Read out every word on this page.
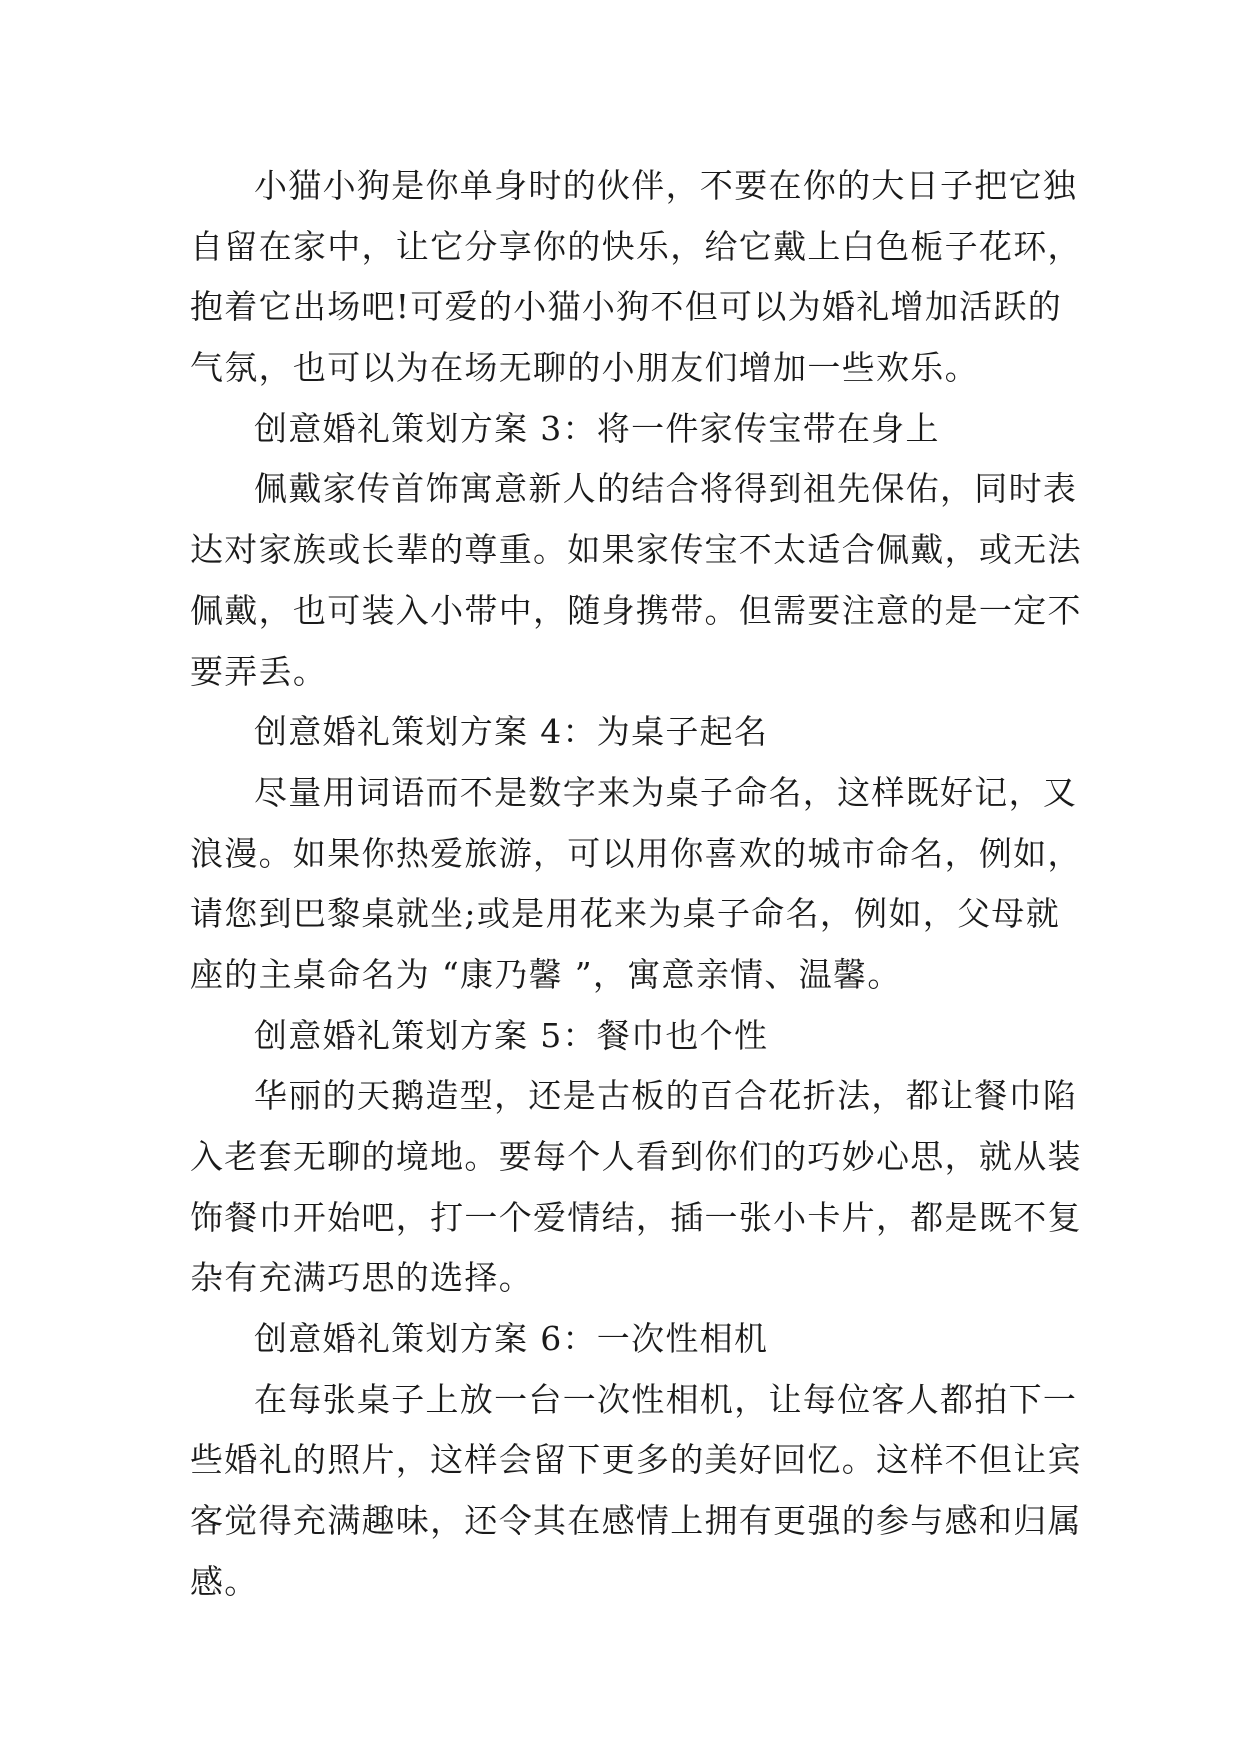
小猫小狗是你单身时的伙伴，不要在你的大日子把它独
自留在家中，让它分享你的快乐，给它戴上白色栀子花环，
抱着它出场吧!可爱的小猫小狗不但可以为婚礼增加活跃的
气氛，也可以为在场无聊的小朋友们增加一些欢乐。
创意婚礼策划方案 3：将一件家传宝带在身上
佩戴家传首饰寓意新人的结合将得到祖先保佑，同时表
达对家族或长辈的尊重。如果家传宝不太适合佩戴，或无法
佩戴，也可装入小带中，随身携带。但需要注意的是一定不
要弄丢。
创意婚礼策划方案 4：为桌子起名
尽量用词语而不是数字来为桌子命名，这样既好记，又
浪漫。如果你热爱旅游，可以用你喜欢的城市命名，例如，
请您到巴黎桌就坐;或是用花来为桌子命名，例如，父母就
座的主桌命名为 “康乃馨 ”，寓意亲情、温馨。
创意婚礼策划方案 5：餐巾也个性
华丽的天鹅造型，还是古板的百合花折法，都让餐巾陷
入老套无聊的境地。要每个人看到你们的巧妙心思，就从装
饰餐巾开始吧，打一个爱情结，插一张小卡片，都是既不复
杂有充满巧思的选择。
创意婚礼策划方案 6：一次性相机
在每张桌子上放一台一次性相机，让每位客人都拍下一
些婚礼的照片，这样会留下更多的美好回忆。这样不但让宾
客觉得充满趣味，还令其在感情上拥有更强的参与感和归属
感。
